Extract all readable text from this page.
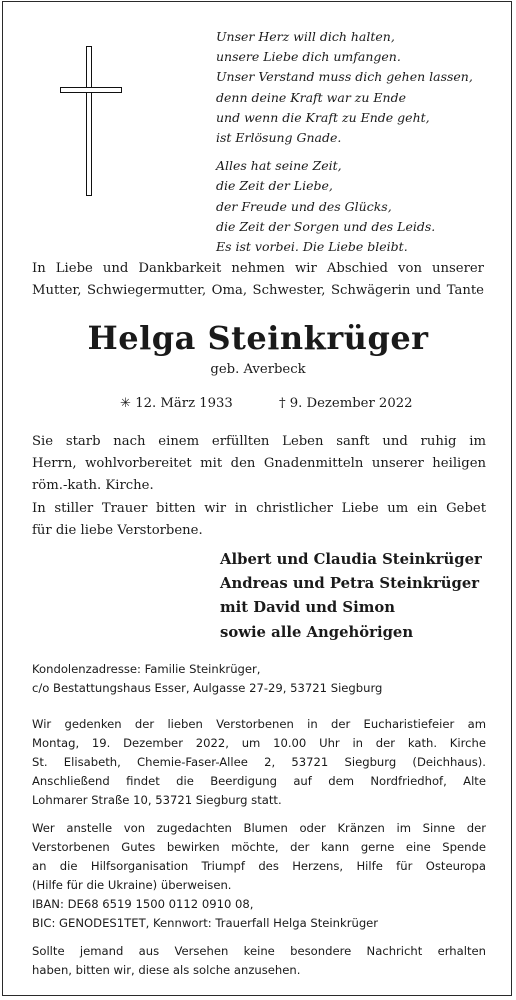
Unser Herz will dich halten,

unsere Liebe dich umfangen.

Unser Verstand muss dich gehen lassen,

denn deine Kraft war zu Ende

und wenn die Kraft zu Ende geht,

ist Erlösung Gnade.

Alles hat seine Zeit,

die Zeit der Liebe,

der Freude und des Glücks,

die Zeit der Sorgen und des Leids.

Es ist vorbei. Die Liebe bleibt.

In Liebe und Dankbarkeit nehmen wir Abschied von unserer

Mutter, Schwiegermutter, Oma, Schwester, Schwägerin und Tante

Helga Steinkrüger
geb. Averbeck
✳ 12. März 1933	† 9. Dezember 2022

Sie starb nach einem erfüllten Leben sanft und ruhig im

Herrn, wohlvorbereitet mit den Gnadenmitteln unserer heiligen

röm.-kath. Kirche.

In stiller Trauer bitten wir in christlicher Liebe um ein Gebet

für die liebe Verstorbene.

Albert und Claudia Steinkrüger

Andreas und Petra Steinkrüger

mit David und Simon

sowie alle Angehörigen

Kondolenzadresse: Familie Steinkrüger,

c/o Bestattungshaus Esser, Aulgasse 27-29, 53721 Siegburg

Wir gedenken der lieben Verstorbenen in der Eucharistiefeier am

Montag, 19. Dezember 2022, um 10.00 Uhr in der kath. Kirche

St. Elisabeth, Chemie-Faser-Allee 2, 53721 Siegburg (Deichhaus).

Anschließend findet die Beerdigung auf dem Nordfriedhof, Alte

Lohmarer Straße 10, 53721 Siegburg statt.

Wer anstelle von zugedachten Blumen oder Kränzen im Sinne der

Verstorbenen Gutes bewirken möchte, der kann gerne eine Spende

an die Hilfsorganisation Triumpf des Herzens, Hilfe für Osteuropa

(Hilfe für die Ukraine) überweisen.

IBAN: DE68 6519 1500 0112 0910 08,

BIC: GENODES1TET, Kennwort: Trauerfall Helga Steinkrüger

Sollte jemand aus Versehen keine besondere Nachricht erhalten

haben, bitten wir, diese als solche anzusehen.
